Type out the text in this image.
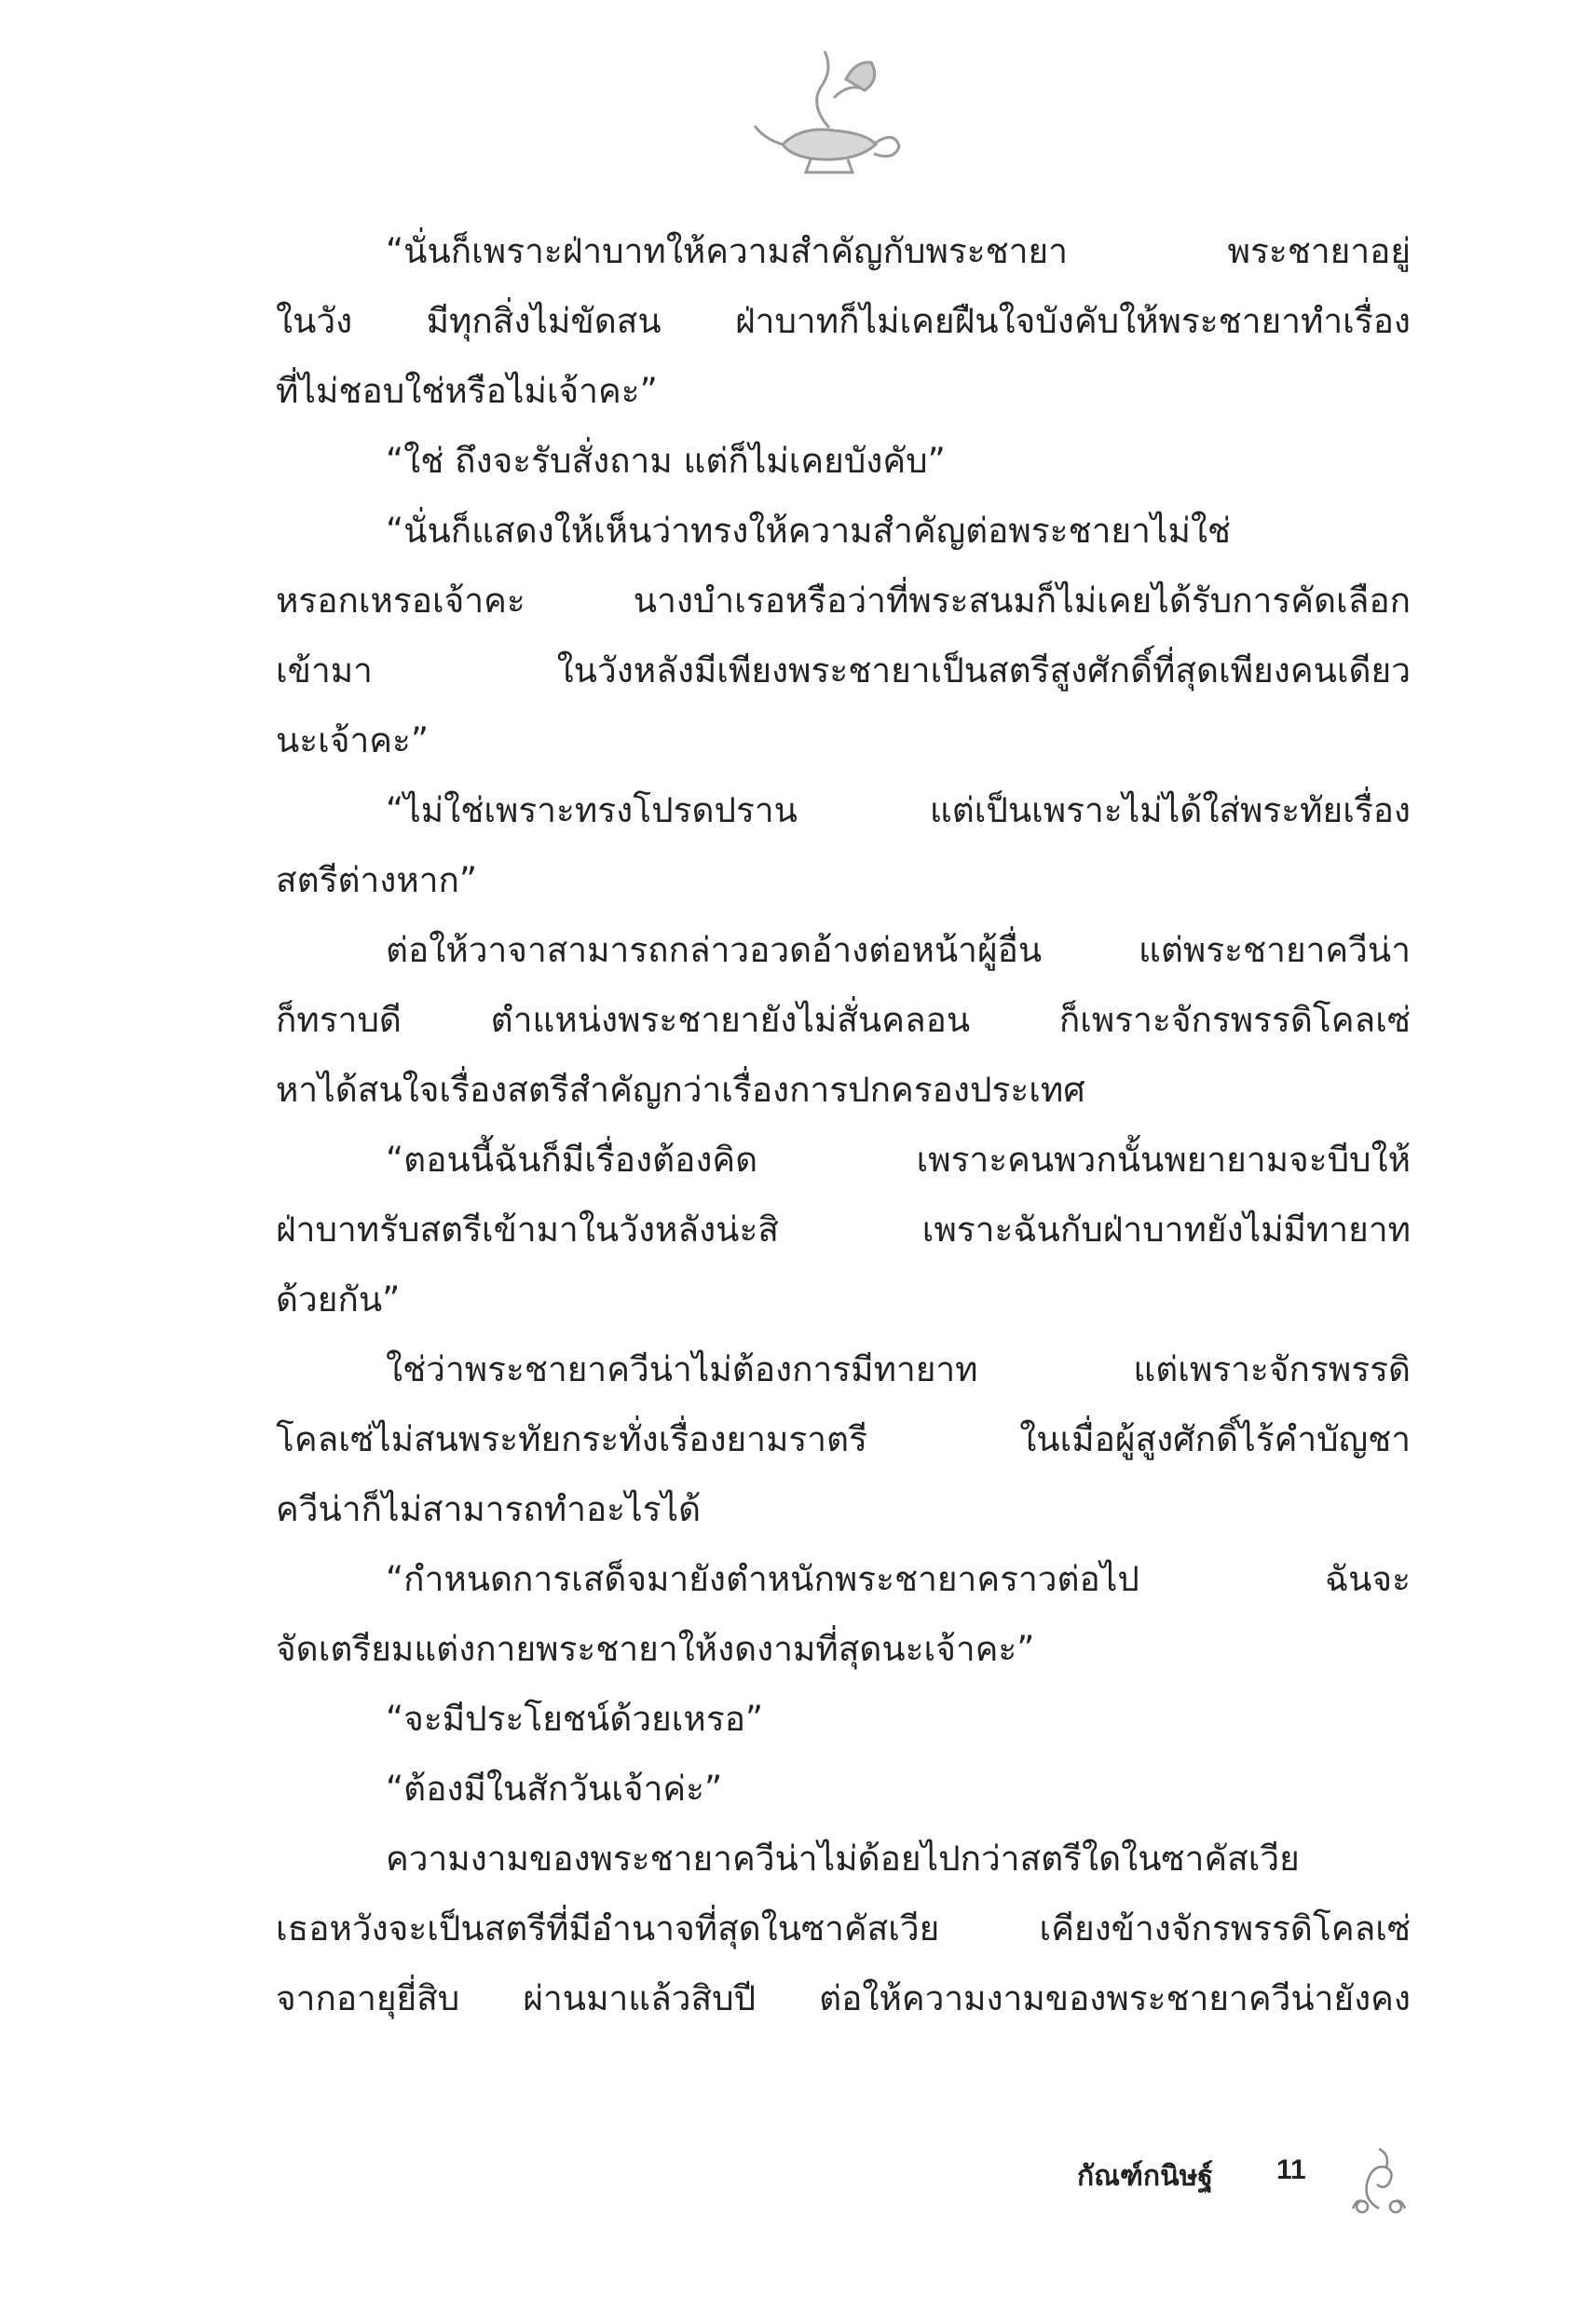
“นั่นก็เพราะฝ่าบาทให้ความสำคัญกับพระชายา พระชายาอยู่

ในวัง มีทุกสิ่งไม่ขัดสน ฝ่าบาทก็ไม่เคยฝืนใจบังคับให้พระชายาทำเรื่อง

ที่ไม่ชอบใช่หรือไม่เจ้าคะ”

“ใช่ ถึงจะรับสั่งถาม แต่ก็ไม่เคยบังคับ”

“นั่นก็แสดงให้เห็นว่าทรงให้ความสำคัญต่อพระชายาไม่ใช่

หรอกเหรอเจ้าคะ นางบำเรอหรือว่าที่พระสนมก็ไม่เคยได้รับการคัดเลือก

เข้ามา ในวังหลังมีเพียงพระชายาเป็นสตรีสูงศักดิ์ที่สุดเพียงคนเดียว

นะเจ้าคะ”

“ไม่ใช่เพราะทรงโปรดปราน แต่เป็นเพราะไม่ได้ใส่พระทัยเรื่อง

สตรีต่างหาก”

ต่อให้วาจาสามารถกล่าวอวดอ้างต่อหน้าผู้อื่น แต่พระชายาควีน่า

ก็ทราบดี ตำแหน่งพระชายายังไม่สั่นคลอน ก็เพราะจักรพรรดิโคลเซ่

หาได้สนใจเรื่องสตรีสำคัญกว่าเรื่องการปกครองประเทศ

“ตอนนี้ฉันก็มีเรื่องต้องคิด เพราะคนพวกนั้นพยายามจะบีบให้

ฝ่าบาทรับสตรีเข้ามาในวังหลังน่ะสิ เพราะฉันกับฝ่าบาทยังไม่มีทายาท

ด้วยกัน”

ใช่ว่าพระชายาควีน่าไม่ต้องการมีทายาท แต่เพราะจักรพรรดิ

โคลเซ่ไม่สนพระทัยกระทั่งเรื่องยามราตรี ในเมื่อผู้สูงศักดิ์ไร้คำบัญชา

ควีน่าก็ไม่สามารถทำอะไรได้

“กำหนดการเสด็จมายังตำหนักพระชายาคราวต่อไป ฉันจะ

จัดเตรียมแต่งกายพระชายาให้งดงามที่สุดนะเจ้าคะ”

“จะมีประโยชน์ด้วยเหรอ”

“ต้องมีในสักวันเจ้าค่ะ”

ความงามของพระชายาควีน่าไม่ด้อยไปกว่าสตรีใดในซาคัสเวีย

เธอหวังจะเป็นสตรีที่มีอำนาจที่สุดในซาคัสเวีย เคียงข้างจักรพรรดิโคลเซ่

จากอายุยี่สิบ ผ่านมาแล้วสิบปี ต่อให้ความงามของพระชายาควีน่ายังคง

กัณฑ์กนิษฐ์ 11
